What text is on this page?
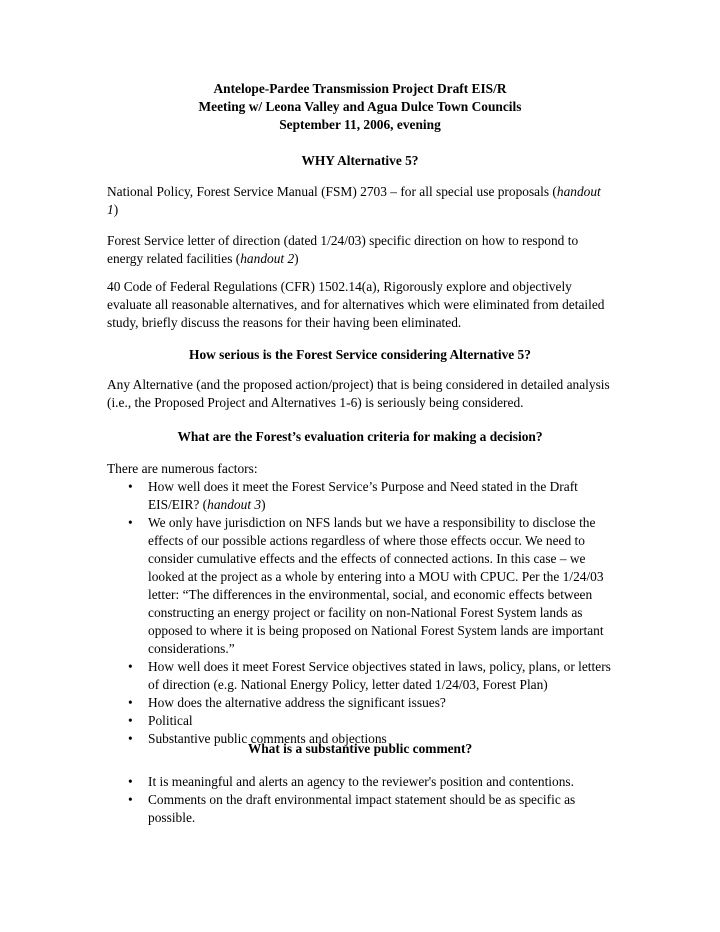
Antelope-Pardee Transmission Project Draft EIS/R

Meeting w/ Leona Valley and Agua Dulce Town Councils

September 11, 2006, evening

WHY Alternative 5?

National Policy, Forest Service Manual (FSM) 2703 – for all special use proposals (handout 1)

Forest Service letter of direction (dated 1/24/03) specific direction on how to respond to energy related facilities (handout 2)

40 Code of Federal Regulations (CFR) 1502.14(a), Rigorously explore and objectively evaluate all reasonable alternatives, and for alternatives which were eliminated from detailed study, briefly discuss the reasons for their having been eliminated.

How serious is the Forest Service considering Alternative 5?

Any Alternative (and the proposed action/project) that is being considered in detailed analysis (i.e., the Proposed Project and Alternatives 1-6) is seriously being considered.

What are the Forest’s evaluation criteria for making a decision?

There are numerous factors:

• How well does it meet the Forest Service’s Purpose and Need stated in the Draft EIS/EIR? (handout 3)
• We only have jurisdiction on NFS lands but we have a responsibility to disclose the effects of our possible actions regardless of where those effects occur. We need to consider cumulative effects and the effects of connected actions. In this case – we looked at the project as a whole by entering into a MOU with CPUC. Per the 1/24/03 letter: “The differences in the environmental, social, and economic effects between constructing an energy project or facility on non-National Forest System lands as opposed to where it is being proposed on National Forest System lands are important considerations.”
• How well does it meet Forest Service objectives stated in laws, policy, plans, or letters of direction (e.g. National Energy Policy, letter dated 1/24/03, Forest Plan)
• How does the alternative address the significant issues?
• Political
• Substantive public comments and objections

What is a substantive public comment?

• It is meaningful and alerts an agency to the reviewer's position and contentions.
• Comments on the draft environmental impact statement should be as specific as possible.
